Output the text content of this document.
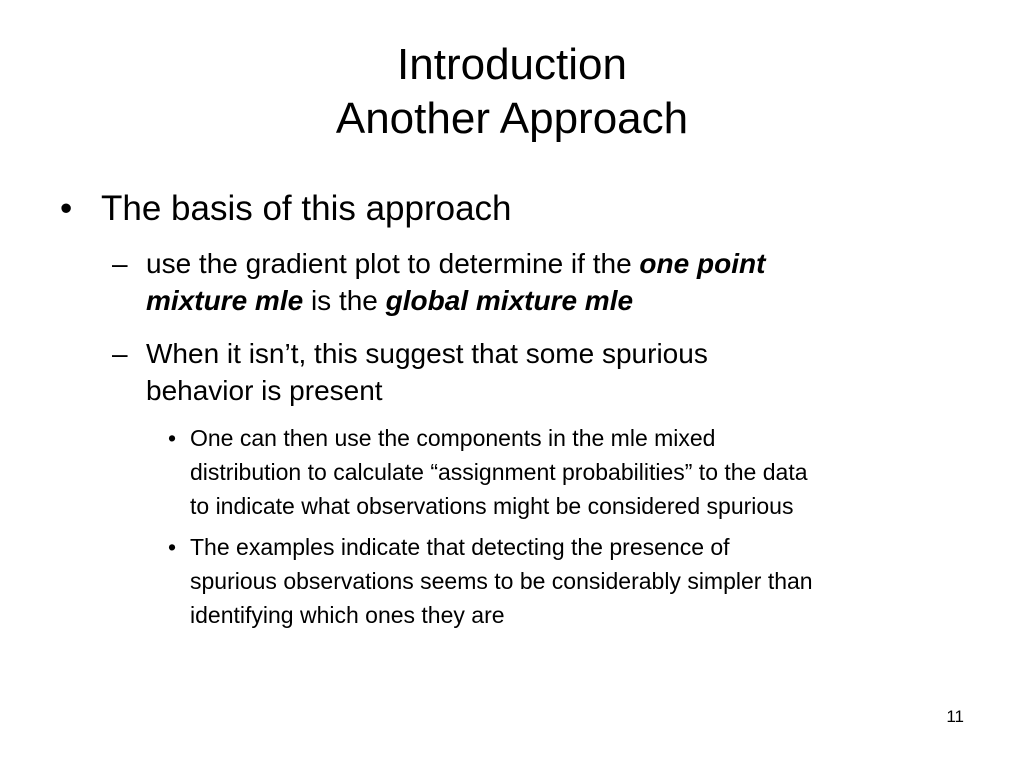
Introduction
Another Approach
• The basis of this approach
– use the gradient plot to determine if the one point
mixture mle is the global mixture mle
– When it isn’t, this suggest that some spurious
behavior is present
• One can then use the components in the mle mixed
distribution to calculate “assignment probabilities” to the data
to indicate what observations might be considered spurious
• The examples indicate that detecting the presence of
spurious observations seems to be considerably simpler than
identifying which ones they are
11
